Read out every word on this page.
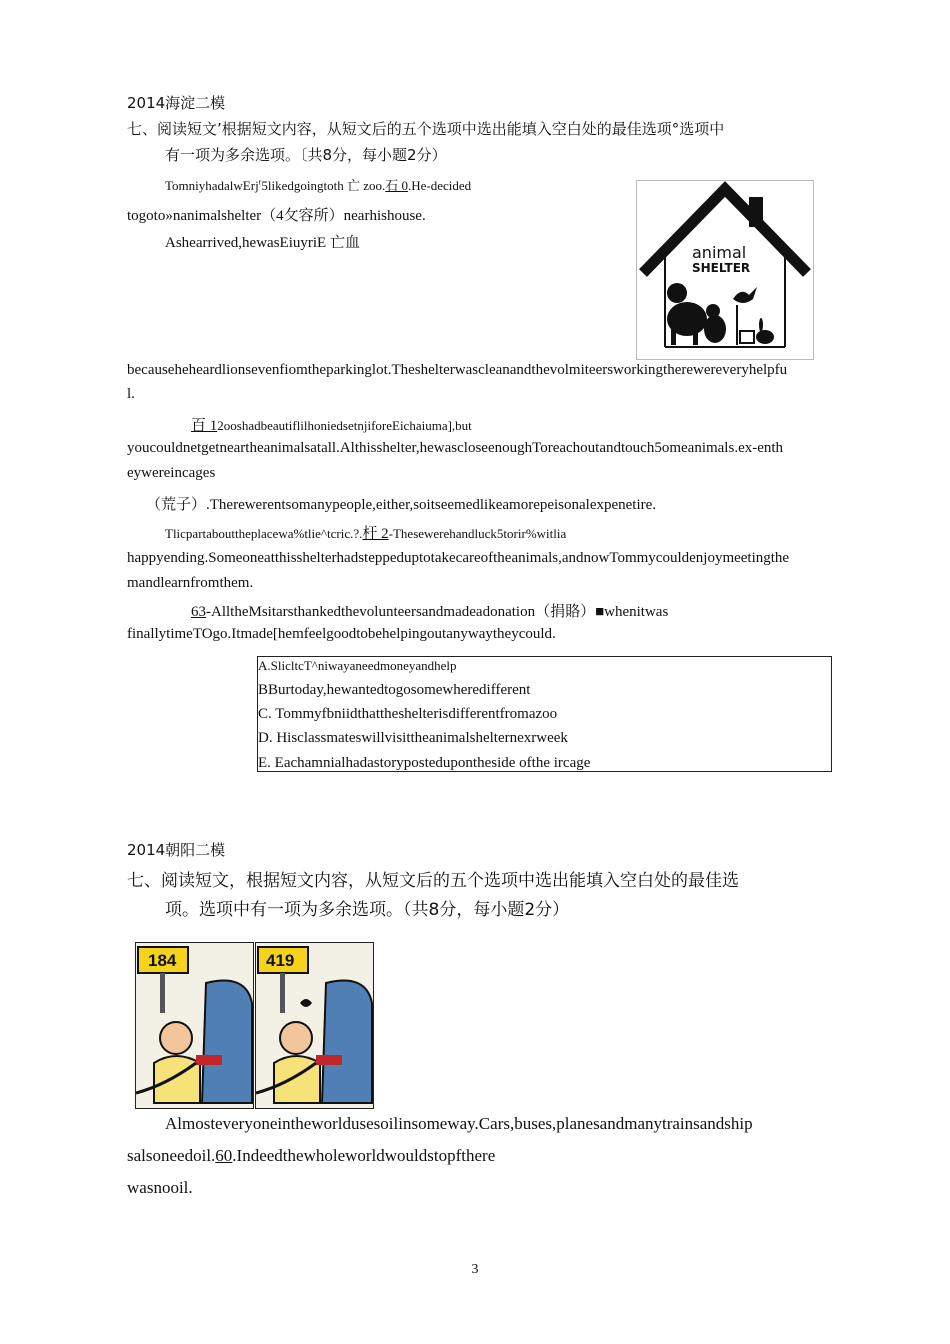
2014海淀二模
七、阅读短文’根据短文内容，从短文后的五个选项中选出能填入空白处的最佳选项°选项中
有一项为多余选项。〔共8分，每小题2分）
TomniyhadalwErj$^r$5likedgoingtoth 亡 zoo.石 0.He-decided
togoto»nanimalshelter（4攵容所）nearhishouse.
Ashearrived,hewasEiuyriE 亡血	animal
SHELTER
becauseheheardlionsevenfiomtheparkinglot.Theshelterwascleanandthevolmiteersworkingtherewereveryhelpfu
l.
百 12ooshadbeautiflilhoniedsetnjiforeEichaiuma],but
youcouldnetgetneartheanimalsatall.Althisshelter,hewascloseenoughToreachoutandtouch5omeanimals.ex-enth
eywereincages
（荒子）.Therewerentsomanypeople,either,soitseemedlikeamorepeisonalexpenetire.
Tlicpartabouttheplacewa%tlie^tcric.?.杆 2-Thesewerehandluck5torir%witlia
happyending.Someoneatthisshelterhadsteppeduptotakecareoftheanimals,andnowTommycouldenjoymeetingthe
mandlearnfromthem.
63-AlltheMsitarsthankedthevolunteersandmadeadonation（捐賂）■whenitwas
finallytimeTOgo.Itmade[hemfeelgoodtobehelpingoutanywaytheycould.
A.SlicltcT^niwayaneedmoneyandhelp
BBurtoday,hewantedtogosomewheredifferent
C. Tommyfbniidthattheshelterisdifferentfromazoo
D. Hisclassmateswillvisittheanimalshelternexrweek
E. Eachamnialhadastorypostedupontheside ofthe ircage
2014朝阳二模
七、阅读短文，根据短文内容，从短文后的五个选项中选出能填入空白处的最佳选
项。选项中有一项为多余选项。（共8分，每小题2分）
184	419
Almosteveryoneintheworldusesoilinsomeway.Cars,buses,planesandmanytrainsandship
salsoneedoil.60.Indeedthewholeworldwouldstopfthere
wasnooil.
3
